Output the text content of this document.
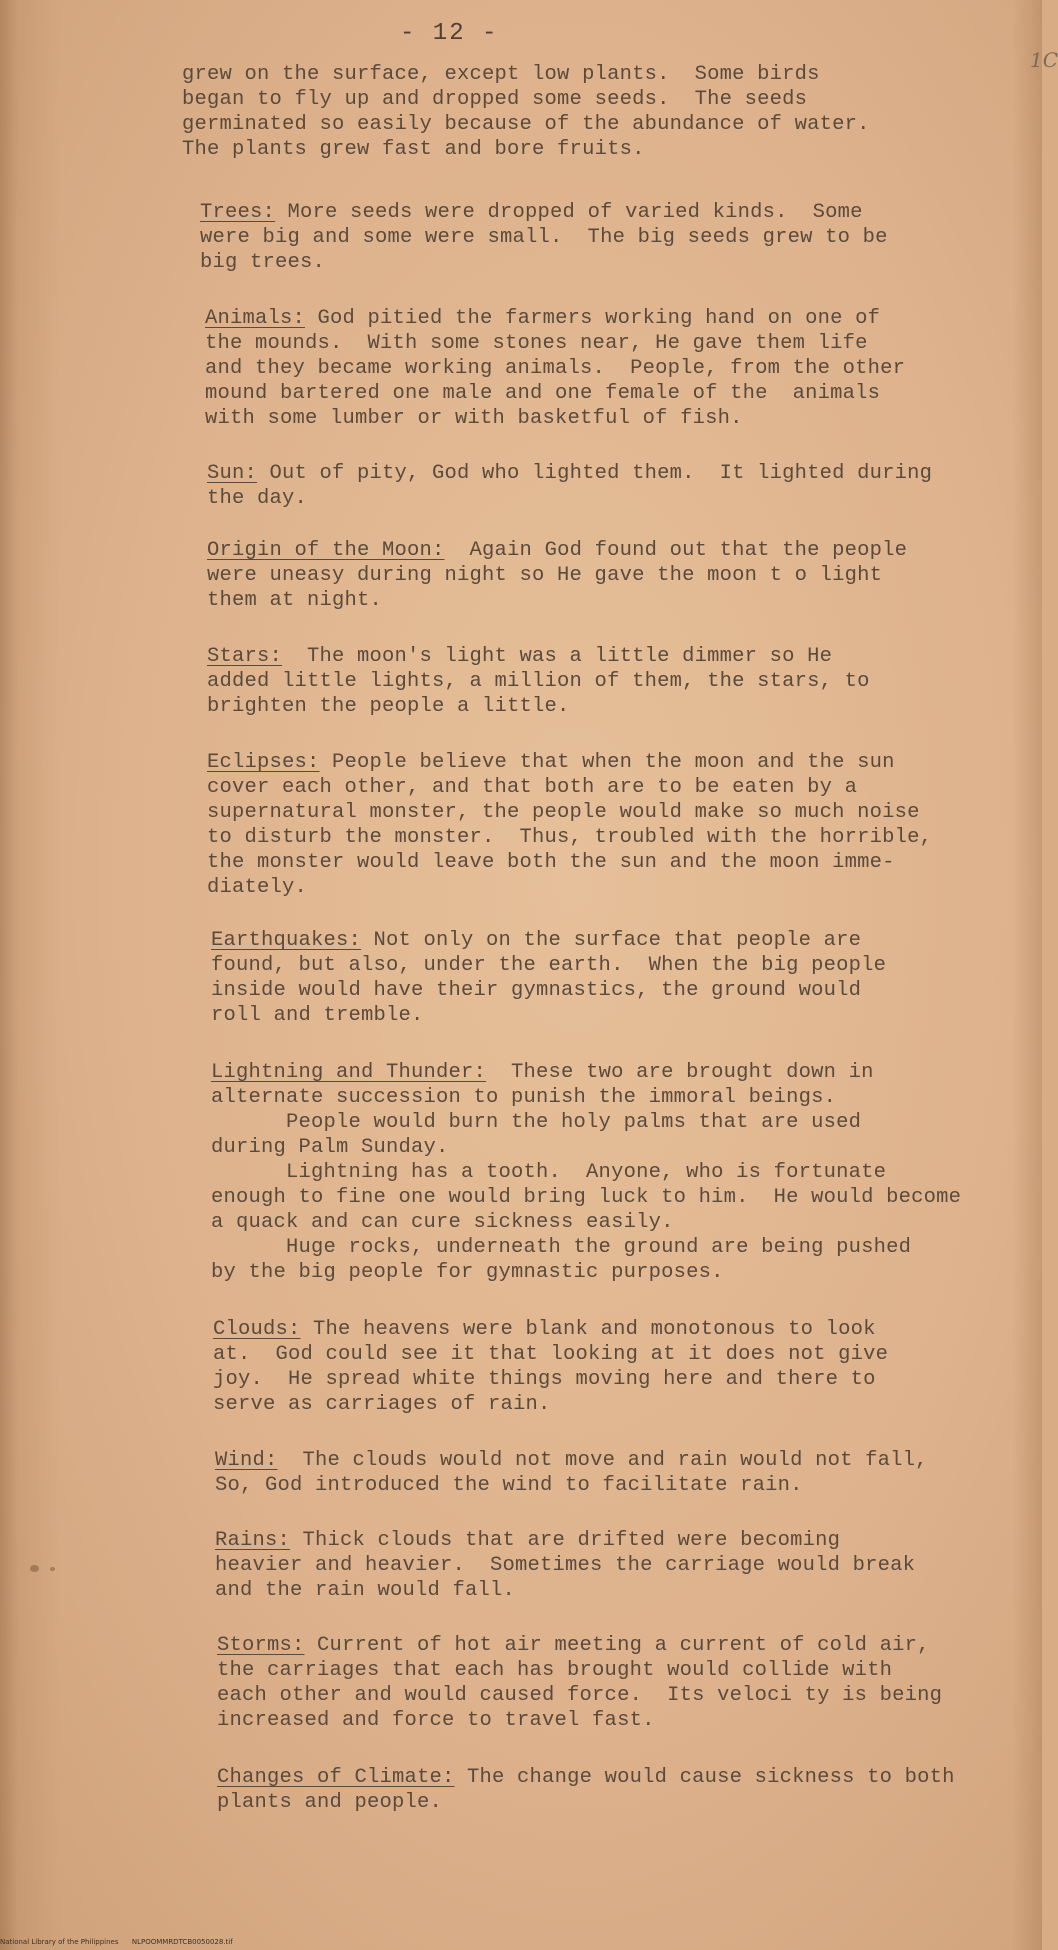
- 12 -
1C
grew on the surface, except low plants.  Some birds
began to fly up and dropped some seeds.  The seeds
germinated so easily because of the abundance of water.
The plants grew fast and bore fruits.
Trees: More seeds were dropped of varied kinds.  Some
were big and some were small.  The big seeds grew to be
big trees.
Animals: God pitied the farmers working hand on one of
the mounds.  With some stones near, He gave them life
and they became working animals.  People, from the other
mound bartered one male and one female of the  animals
with some lumber or with basketful of fish.
Sun: Out of pity, God who lighted them.  It lighted during
the day.
Origin of the Moon:  Again God found out that the people
were uneasy during night so He gave the moon t o light
them at night.
Stars:  The moon's light was a little dimmer so He
added little lights, a million of them, the stars, to
brighten the people a little.
Eclipses: People believe that when the moon and the sun
cover each other, and that both are to be eaten by a
supernatural monster, the people would make so much noise
to disturb the monster.  Thus, troubled with the horrible,
the monster would leave both the sun and the moon imme-
diately.
Earthquakes: Not only on the surface that people are
found, but also, under the earth.  When the big people
inside would have their gymnastics, the ground would
roll and tremble.
Lightning and Thunder:  These two are brought down in
alternate succession to punish the immoral beings.
People would burn the holy palms that are used
during Palm Sunday.
Lightning has a tooth.  Anyone, who is fortunate
enough to fine one would bring luck to him.  He would become
a quack and can cure sickness easily.
Huge rocks, underneath the ground are being pushed
by the big people for gymnastic purposes.
Clouds: The heavens were blank and monotonous to look
at.  God could see it that looking at it does not give
joy.  He spread white things moving here and there to
serve as carriages of rain.
Wind:  The clouds would not move and rain would not fall,
So, God introduced the wind to facilitate rain.
Rains: Thick clouds that are drifted were becoming
heavier and heavier.  Sometimes the carriage would break
and the rain would fall.
Storms: Current of hot air meeting a current of cold air,
the carriages that each has brought would collide with
each other and would caused force.  Its veloci ty is being
increased and force to travel fast.
Changes of Climate: The change would cause sickness to both
plants and people.
National Library of the Philippines NLPOOMMRDTCB0050028.tif
